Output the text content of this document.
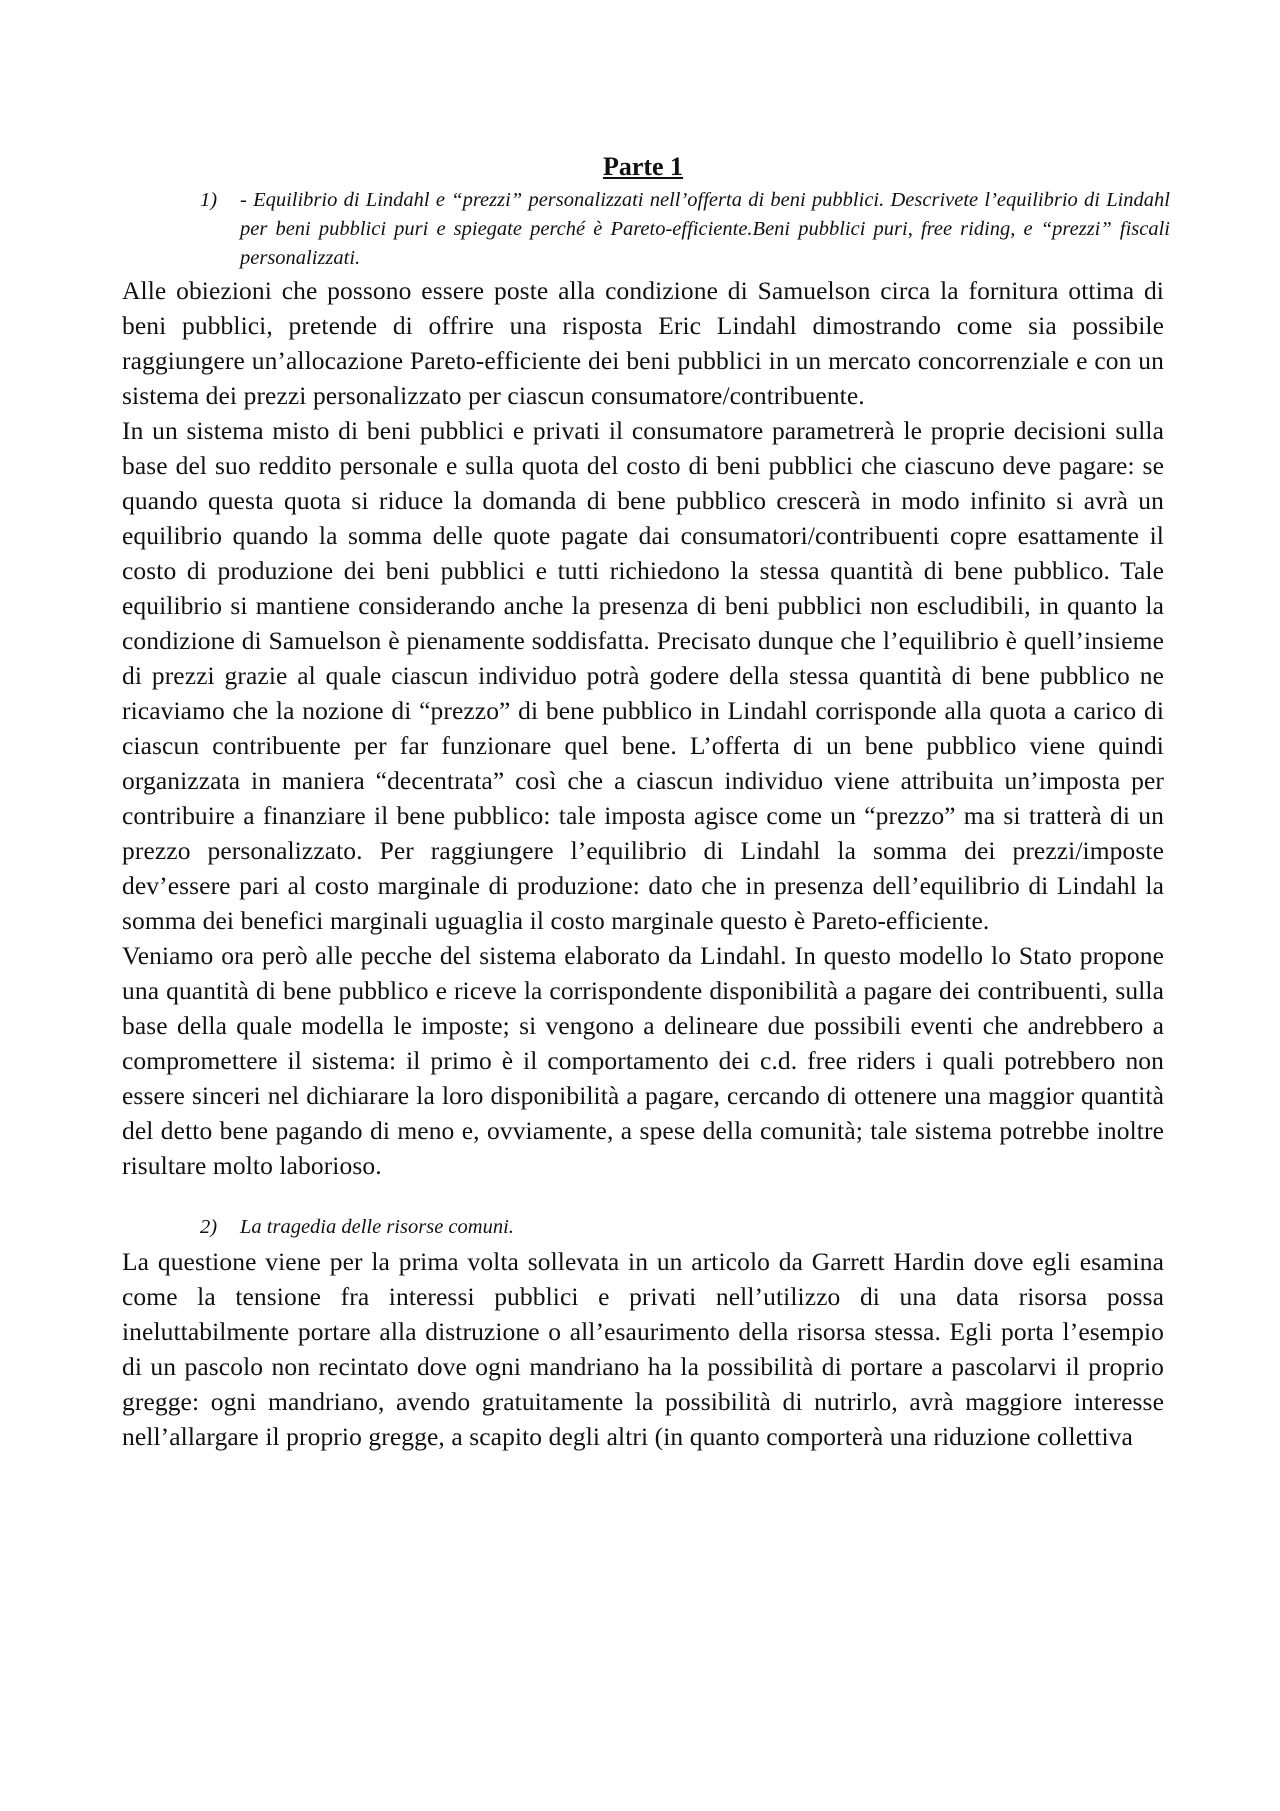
Parte 1
1)	- Equilibrio di Lindahl e “prezzi” personalizzati nell’offerta di beni pubblici. Descrivete l’equilibrio di Lindahl per beni pubblici puri e spiegate perché è Pareto-efficiente.Beni pubblici puri, free riding, e “prezzi” fiscali personalizzati.

Alle obiezioni che possono essere poste alla condizione di Samuelson circa la fornitura ottima di beni pubblici, pretende di offrire una risposta Eric Lindahl dimostrando come sia possibile raggiungere un’allocazione Pareto-efficiente dei beni pubblici in un mercato concorrenziale e con un sistema dei prezzi personalizzato per ciascun consumatore/contribuente.

In un sistema misto di beni pubblici e privati il consumatore parametrerà le proprie decisioni sulla base del suo reddito personale e sulla quota del costo di beni pubblici che ciascuno deve pagare: se quando questa quota si riduce la domanda di bene pubblico crescerà in modo infinito si avrà un equilibrio quando la somma delle quote pagate dai consumatori/contribuenti copre esattamente il costo di produzione dei beni pubblici e tutti richiedono la stessa quantità di bene pubblico. Tale equilibrio si mantiene considerando anche la presenza di beni pubblici non escludibili, in quanto la condizione di Samuelson è pienamente soddisfatta. Precisato dunque che l’equilibrio è quell’insieme di prezzi grazie al quale ciascun individuo potrà godere della stessa quantità di bene pubblico ne ricaviamo che la nozione di “prezzo” di bene pubblico in Lindahl corrisponde alla quota a carico di ciascun contribuente per far funzionare quel bene. L’offerta di un bene pubblico viene quindi organizzata in maniera “decentrata” così che a ciascun individuo viene attribuita un’imposta per contribuire a finanziare il bene pubblico: tale imposta agisce come un “prezzo” ma si tratterà di un prezzo personalizzato. Per raggiungere l’equilibrio di Lindahl la somma dei prezzi/imposte dev’essere pari al costo marginale di produzione: dato che in presenza dell’equilibrio di Lindahl la somma dei benefici marginali uguaglia il costo marginale questo è Pareto-efficiente.

Veniamo ora però alle pecche del sistema elaborato da Lindahl. In questo modello lo Stato propone una quantità di bene pubblico e riceve la corrispondente disponibilità a pagare dei contribuenti, sulla base della quale modella le imposte; si vengono a delineare due possibili eventi che andrebbero a compromettere il sistema: il primo è il comportamento dei c.d. free riders i quali potrebbero non essere sinceri nel dichiarare la loro disponibilità a pagare, cercando di ottenere una maggior quantità del detto bene pagando di meno e, ovviamente, a spese della comunità; tale sistema potrebbe inoltre risultare molto laborioso.

2)	La tragedia delle risorse comuni.

La questione viene per la prima volta sollevata in un articolo da Garrett Hardin dove egli esamina come la tensione fra interessi pubblici e privati nell’utilizzo di una data risorsa possa ineluttabilmente portare alla distruzione o all’esaurimento della risorsa stessa. Egli porta l’esempio di un pascolo non recintato dove ogni mandriano ha la possibilità di portare a pascolarvi il proprio gregge: ogni mandriano, avendo gratuitamente la possibilità di nutrirlo, avrà maggiore interesse nell’allargare il proprio gregge, a scapito degli altri (in quanto comporterà una riduzione collettiva
